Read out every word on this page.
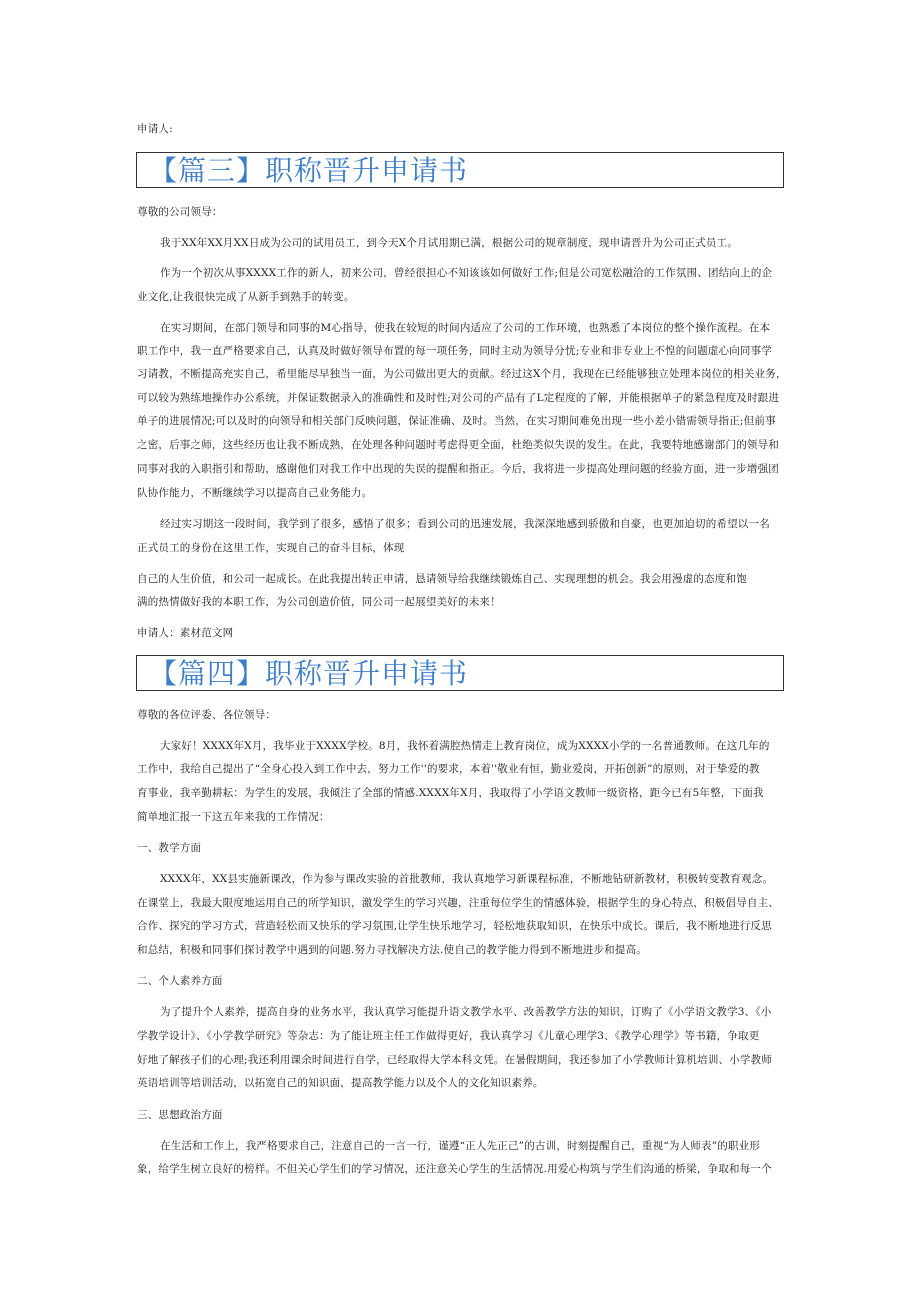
申请人:
【篇三】职称晋升申请书
尊敬的公司领导：
我于XX年XX月XX日成为公司的试用员工，到今天X个月试用期已满，根据公司的规章制度，现申请晋升为公司正式员工。
作为一个初次从事XXXX工作的新人，初来公司，曾经很担心不知该该如何做好工作;但是公司宽松融洽的工作氛围、团结向上的企
业文化,让我很快完成了从新手到熟手的转变。
在实习期间，在部门领导和同事的M心指导，使我在较短的时间内适应了公司的工作环境，也熟悉了本岗位的整个操作流程。在本
职工作中，我一直严格要求自己，认真及时做好领导布置的每一项任务，同时主动为领导分忧;专业和非专业上不惶的问题虚心向同事学
习请教，不断提高充实自己，希里能尽早独当一面，为公司做出更大的贡献。经过这X个月，我现在已经能够独立处理本岗位的相关业务，
可以较为熟练地操作办公系统，并保证数据录入的准确性和及时性;对公司的产品有了L定程度的了解，并能根据单子的紧急程度及时跟进
单子的进展情况;可以及时的向领导和相关部门反映问题，保证准确、及时。当然，在实习期间难免出现一些小差小错需领导指正;但前事
之密，后事之师，这些经历也让我不断成熟，在处理各种问题时考虑得更全面，杜绝类似失误的发生。在此，我要特地感谢部门的领导和
同事对我的入职指引和帮助，感谢他们对我工作中出现的失误的提醒和指正。今后，我将进一步提高处理问题的经验方面，进一步增强团
队协作能力，不断继续学习以提高自己业务能力。
经过实习期这一段时间，我学到了很多，感悟了很多；看到公司的迅速发展，我深深地感到骄傲和自豪，也更加迫切的希望以一名
正式员工的身份在这里工作，实现自己的奋斗目标，体现
自己的人生价值，和公司一起成长。在此我提出转正申请，恳请领导给我继续锻炼自己、实现理想的机会。我会用漫虚的态度和饱
满的热情做好我的本职工作，为公司创造价值，同公司一起展望美好的未来！
申请人：素材范文网
【篇四】职称晋升申请书
尊敬的各位评委、各位领导：
大家好！XXXX年X月，我毕业于XXXX学校。8月，我怀着满腔热情走上教育岗位，成为XXXX小学的一名普通教师。在这几年的
工作中，我给自己提出了“全身心投入到工作中去，努力工作''的要求，本着''敬业有恒，勤业爱岗，开拓创新”的原则，对于挚爱的教
育事业，我辛勤耕耘：为学生的发展，我倾注了全部的情感.XXXX年X月，我取得了小学语文教师一级资格，距今已有5年整，下面我
简单地汇报一下这五年来我的工作情况：
一、教学方面
XXXX年，XX县实施新课改，作为参与课改实验的首批教师，我认真地学习新课程标准，不断地钻研新教材，积极转变教育观念。
在课堂上，我最大限度地运用自己的所学知识，激发学生的学习兴趣，注重每位学生的情感体验，根据学生的身心特点，积极倡导自主、
合作、探究的学习方式，营造轻松而又快乐的学习氛围,让学生快乐地学习，轻松地获取知识，在快乐中成长。课后，我不断地进行反思
和总结，积极和同事们探讨教学中遇到的问题.努力寻找解决方法.使自己的教学能力得到不断地进步和提高。
二、个人素养方面
为了提升个人素养，提高自身的业务水平，我认真学习能提升语文教学水平、改善教学方法的知识，订购了《小学语文教学3、《小
学教学设计》、《小学教学研究》等杂志：为了能让班主任工作做得更好，我认真学习《儿童心理学3、《教学心理学》等书籍，争取更
好地了解孩子们的心理;我还利用课余时间进行自学，已经取得大学本科文凭。在暑假期间，我还参加了小学教师计算机培训、小学教师
英语培训等培训活动，以拓宽自己的知识面，提高教学能力以及个人的文化知识素养。
三、思想政治方面
在生活和工作上，我严格要求自己，注意自己的一言一行，谨遵“正人先正己”的古训，时刻提醒自己，重视“为人师表”的职业形
象，给学生树立良好的榜样。不但关心学生们的学习情况，还注意关心学生的生活情况.用爱心构筑与学生们沟通的桥梁，争取和每一个
